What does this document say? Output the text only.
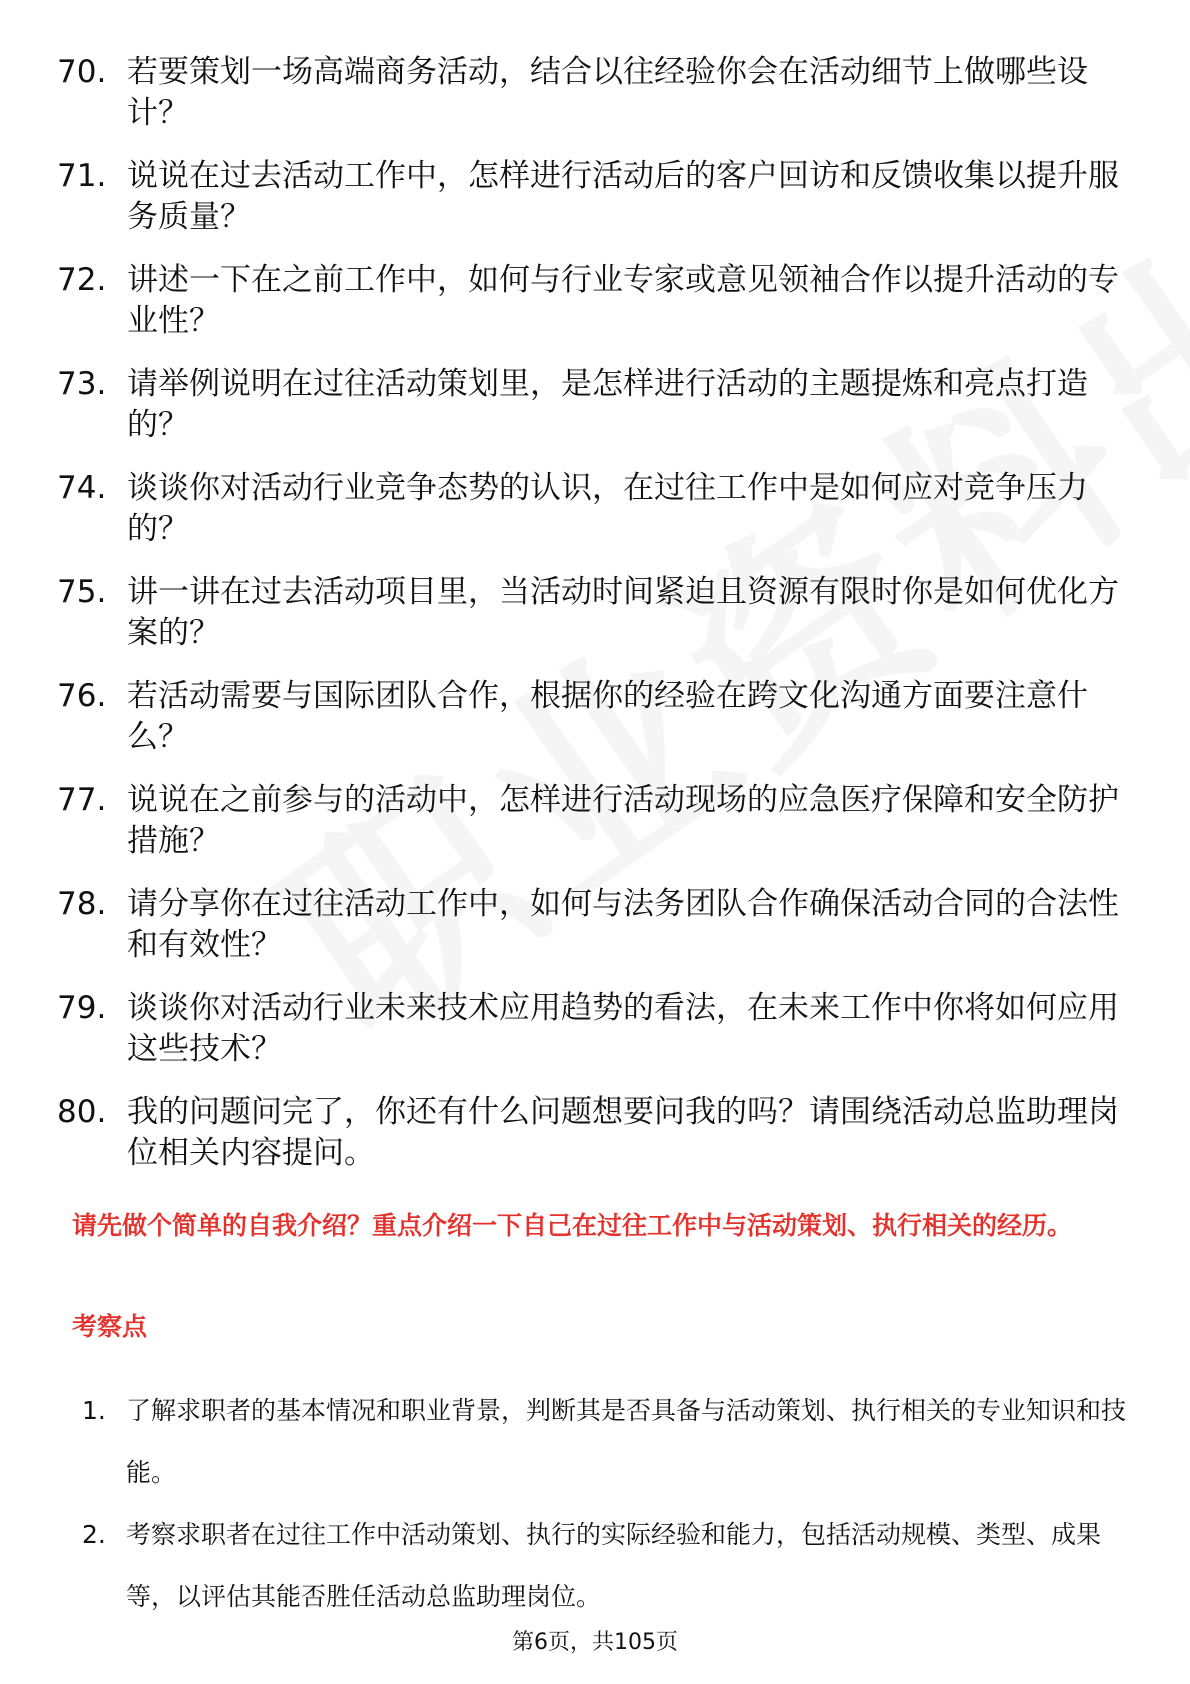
70. 若要策划一场高端商务活动，结合以往经验你会在活动细节上做哪些设计？
71. 说说在过去活动工作中，怎样进行活动后的客户回访和反馈收集以提升服务质量？
72. 讲述一下在之前工作中，如何与行业专家或意见领袖合作以提升活动的专业性？
73. 请举例说明在过往活动策划里，是怎样进行活动的主题提炼和亮点打造的？
74. 谈谈你对活动行业竞争态势的认识，在过往工作中是如何应对竞争压力的？
75. 讲一讲在过去活动项目里，当活动时间紧迫且资源有限时你是如何优化方案的？
76. 若活动需要与国际团队合作，根据你的经验在跨文化沟通方面要注意什么？
77. 说说在之前参与的活动中，怎样进行活动现场的应急医疗保障和安全防护措施？
78. 请分享你在过往活动工作中，如何与法务团队合作确保活动合同的合法性和有效性？
79. 谈谈你对活动行业未来技术应用趋势的看法，在未来工作中你将如何应用这些技术？
80. 我的问题问完了，你还有什么问题想要问我的吗？请围绕活动总监助理岗位相关内容提问。

请先做个简单的自我介绍？重点介绍一下自己在过往工作中与活动策划、执行相关的经历。

考察点
1. 了解求职者的基本情况和职业背景，判断其是否具备与活动策划、执行相关的专业知识和技能。
2. 考察求职者在过往工作中活动策划、执行的实际经验和能力，包括活动规模、类型、成果等，以评估其能否胜任活动总监助理岗位。
第6页，共105页
